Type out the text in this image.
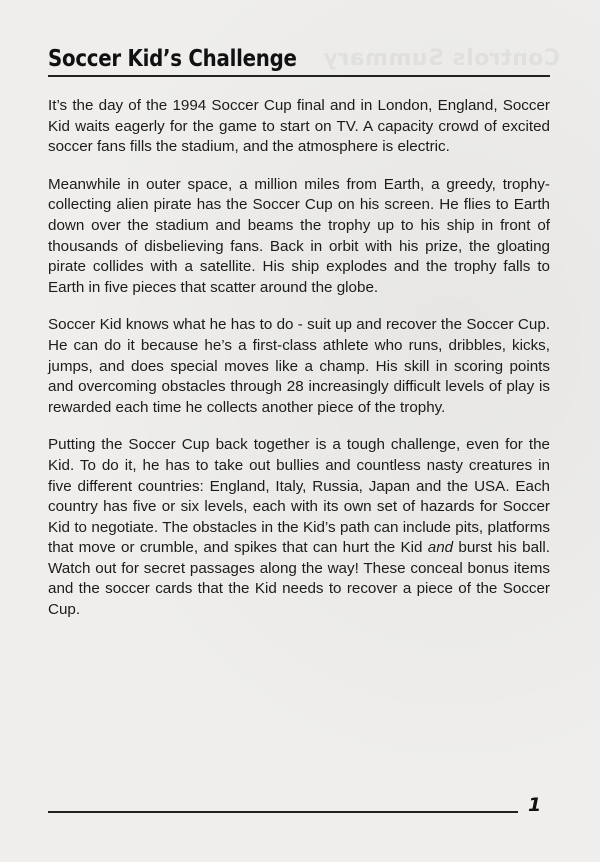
Controls Summary
Soccer Kid’s Challenge

It’s the day of the 1994 Soccer Cup final and in London, England, Soccer Kid waits eagerly for the game to start on TV. A capacity crowd of excited soccer fans fills the stadium, and the atmosphere is electric.

Meanwhile in outer space, a million miles from Earth, a greedy, trophy-collecting alien pirate has the Soccer Cup on his screen. He flies to Earth down over the stadium and beams the trophy up to his ship in front of thousands of disbelieving fans. Back in orbit with his prize, the gloating pirate collides with a satellite. His ship explodes and the trophy falls to Earth in five pieces that scatter around the globe.

Soccer Kid knows what he has to do - suit up and recover the Soccer Cup. He can do it because he’s a first-class athlete who runs, dribbles, kicks, jumps, and does special moves like a champ. His skill in scoring points and overcoming obstacles through 28 increasingly difficult levels of play is rewarded each time he collects another piece of the trophy.

Putting the Soccer Cup back together is a tough challenge, even for the Kid. To do it, he has to take out bullies and countless nasty creatures in five different countries: England, Italy, Russia, Japan and the USA. Each country has five or six levels, each with its own set of hazards for Soccer Kid to negotiate. The obstacles in the Kid’s path can include pits, platforms that move or crumble, and spikes that can hurt the Kid and burst his ball. Watch out for secret passages along the way! These conceal bonus items and the soccer cards that the Kid needs to recover a piece of the Soccer Cup.

1
